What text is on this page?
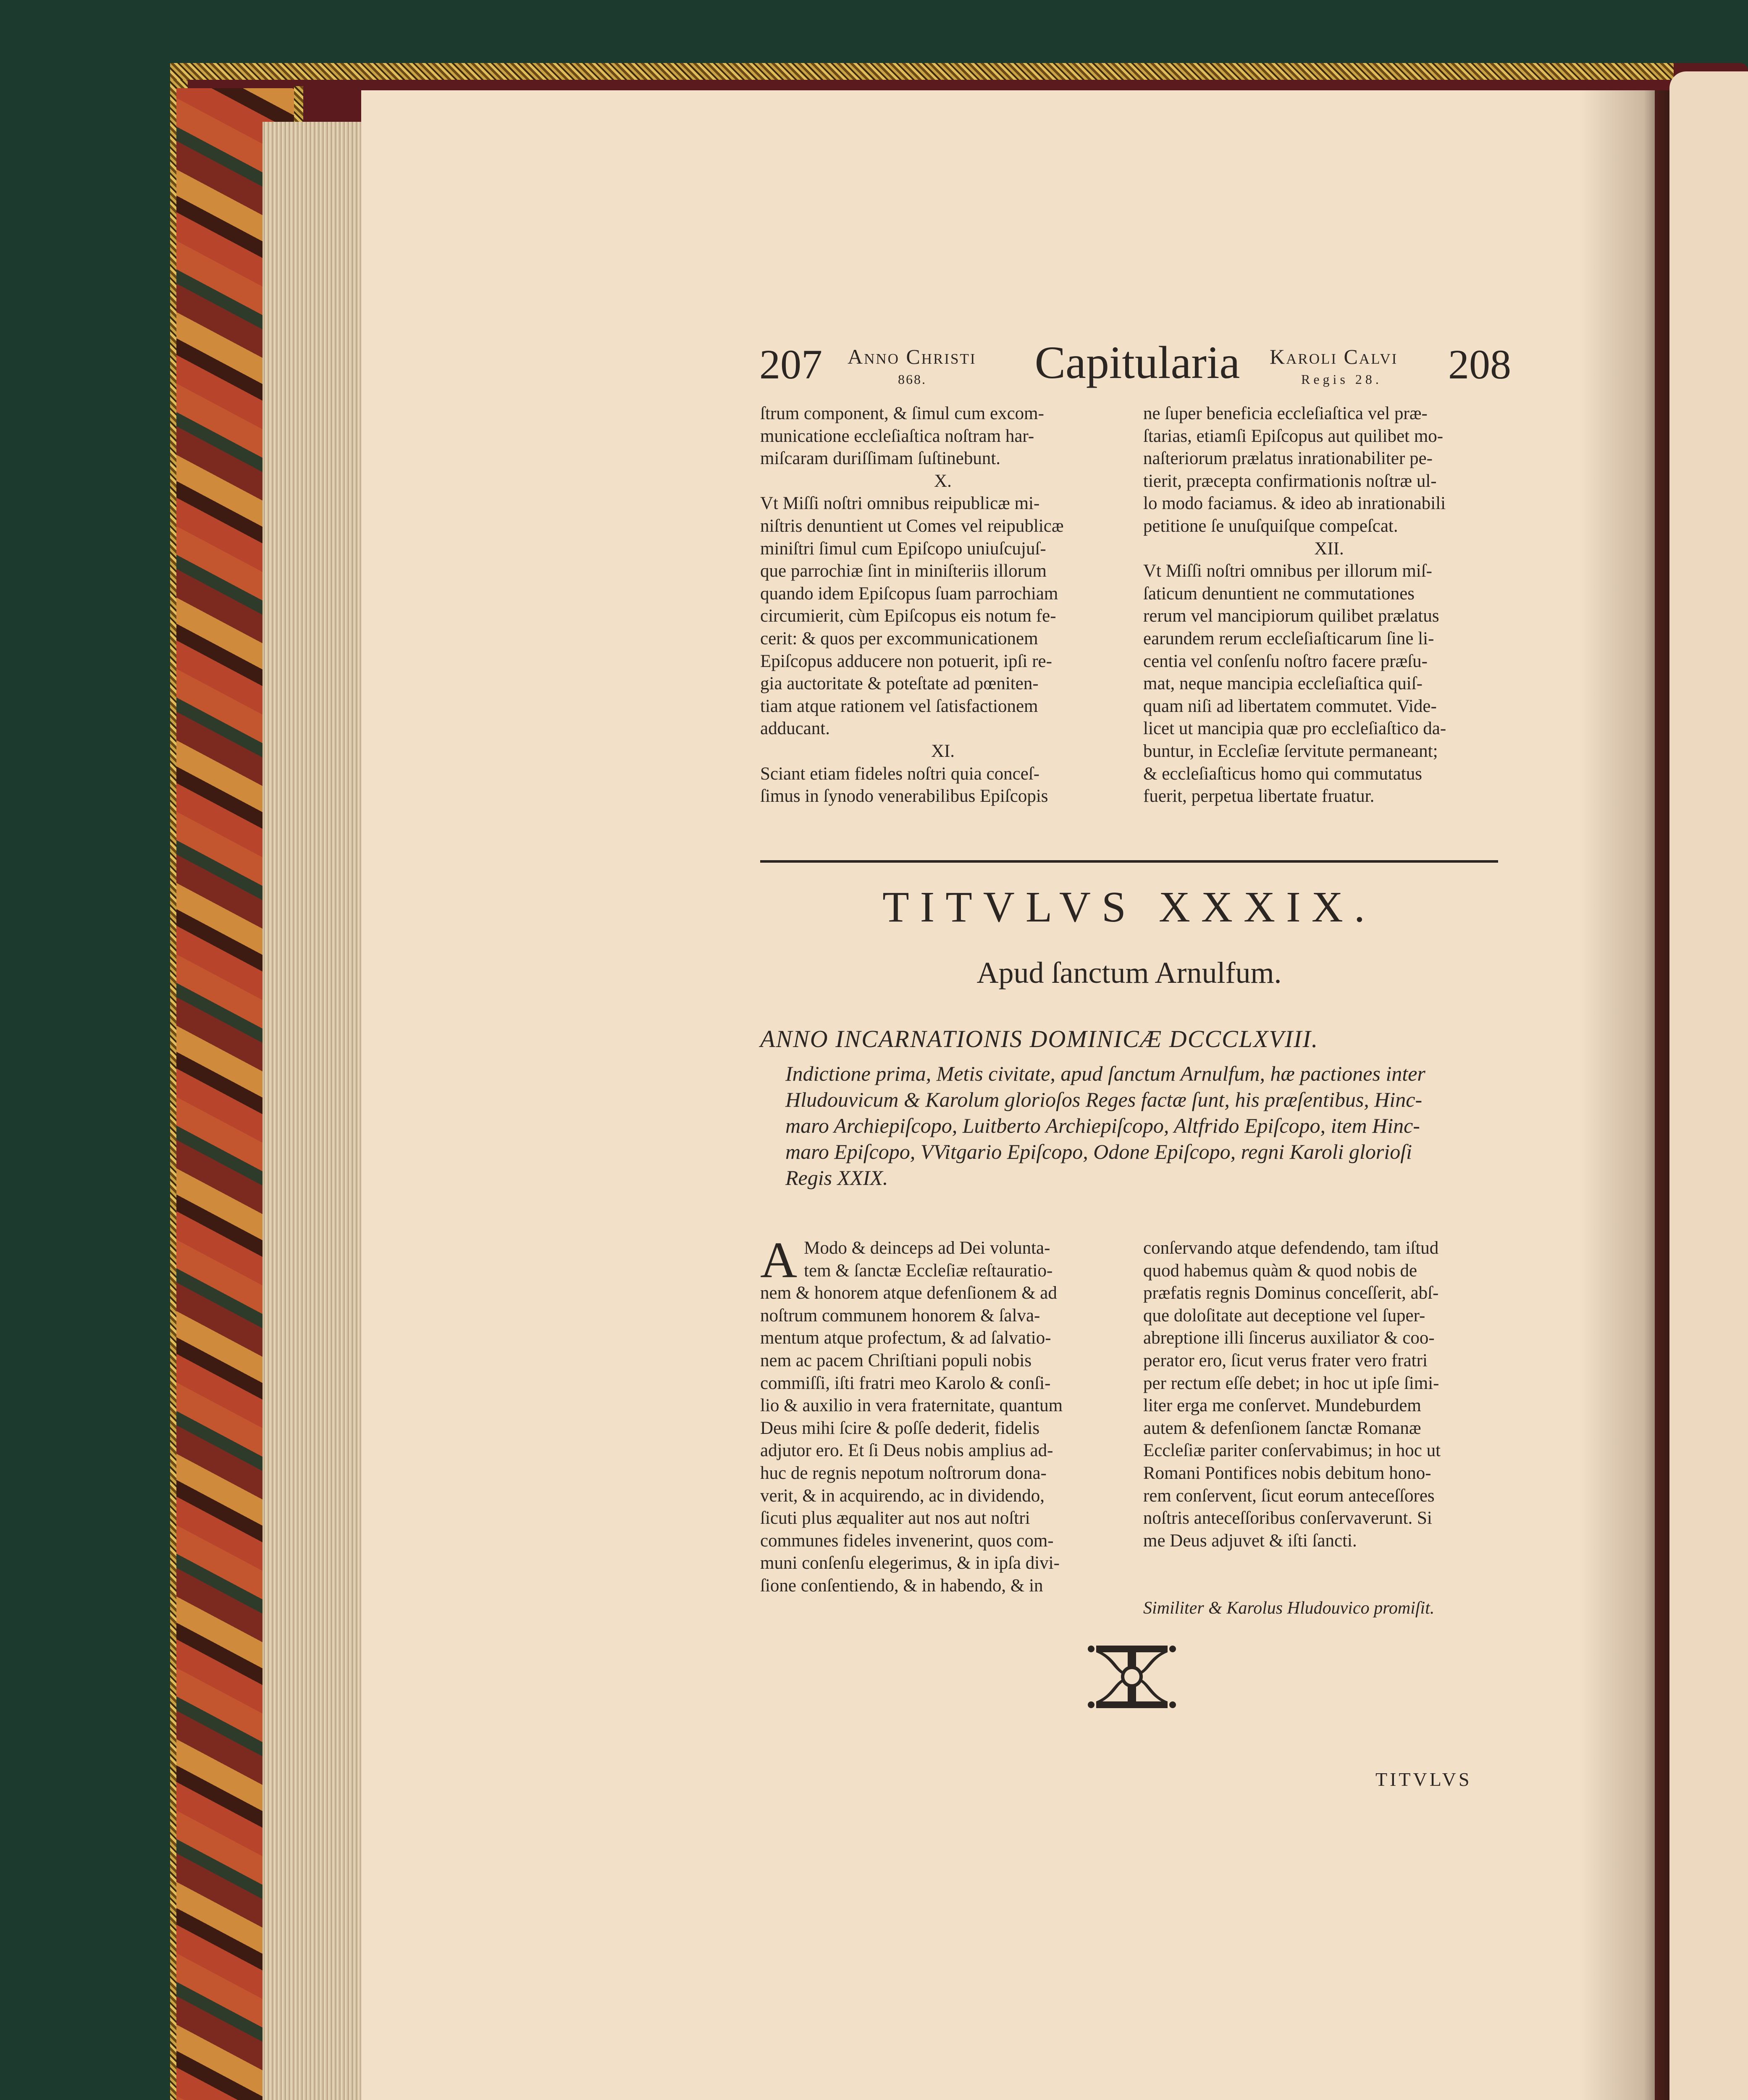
207 Anno Christi
868. Capitularia Karoli Calvi
Regis 28. 208

ſtrum component, & ſimul cum excom-

municatione eccleſiaſtica noſtram har-

miſcaram duriſſimam ſuſtinebunt.

X.

Vt Miſſi noſtri omnibus reipublicæ mi-

niſtris denuntient ut Comes vel reipublicæ

miniſtri ſimul cum Epiſcopo uniuſcujuſ-

que parrochiæ ſint in miniſteriis illorum

quando idem Epiſcopus ſuam parrochiam

circumierit, cùm Epiſcopus eis notum fe-

cerit: & quos per excommunicationem

Epiſcopus adducere non potuerit, ipſi re-

gia auctoritate & poteſtate ad pœniten-

tiam atque rationem vel ſatisfactionem

adducant.

XI.

Sciant etiam fideles noſtri quia conceſ-

ſimus in ſynodo venerabilibus Epiſcopis

ne ſuper beneficia eccleſiaſtica vel præ-

ſtarias, etiamſi Epiſcopus aut quilibet mo-

naſteriorum prælatus inrationabiliter pe-

tierit, præcepta confirmationis noſtræ ul-

lo modo faciamus. & ideo ab inrationabili

petitione ſe unuſquiſque compeſcat.

XII.

Vt Miſſi noſtri omnibus per illorum miſ-

ſaticum denuntient ne commutationes

rerum vel mancipiorum quilibet prælatus

earundem rerum eccleſiaſticarum ſine li-

centia vel conſenſu noſtro facere præſu-

mat, neque mancipia eccleſiaſtica quiſ-

quam niſi ad libertatem commutet. Vide-

licet ut mancipia quæ pro eccleſiaſtico da-

buntur, in Eccleſiæ ſervitute permaneant;

& eccleſiaſticus homo qui commutatus

fuerit, perpetua libertate fruatur.

TITVLVS XXXIX.
Apud ſanctum Arnulfum.
ANNO INCARNATIONIS DOMINICÆ DCCCLXVIII.
Indictione prima, Metis civitate, apud ſanctum Arnulfum, hæ pactiones inter
Hludouvicum & Karolum glorioſos Reges factæ ſunt, his præſentibus, Hinc-
maro Archiepiſcopo, Luitberto Archiepiſcopo, Altfrido Epiſcopo, item Hinc-
maro Epiſcopo, VVitgario Epiſcopo, Odone Epiſcopo, regni Karoli glorioſi
Regis XXIX.
A Modo & deinceps ad Dei volunta-

tem & ſanctæ Eccleſiæ reſtauratio-

nem & honorem atque defenſionem & ad

noſtrum communem honorem & ſalva-

mentum atque profectum, & ad ſalvatio-

nem ac pacem Chriſtiani populi nobis

commiſſi, iſti fratri meo Karolo & conſi-

lio & auxilio in vera fraternitate, quantum

Deus mihi ſcire & poſſe dederit, fidelis

adjutor ero. Et ſi Deus nobis amplius ad-

huc de regnis nepotum noſtrorum dona-

verit, & in acquirendo, ac in dividendo,

ſicuti plus æqualiter aut nos aut noſtri

communes fideles invenerint, quos com-

muni conſenſu elegerimus, & in ipſa divi-

ſione conſentiendo, & in habendo, & in

conſervando atque defendendo, tam iſtud

quod habemus quàm & quod nobis de

præfatis regnis Dominus conceſſerit, abſ-

que doloſitate aut deceptione vel ſuper-

abreptione illi ſincerus auxiliator & coo-

perator ero, ſicut verus frater vero fratri

per rectum eſſe debet; in hoc ut ipſe ſimi-

liter erga me conſervet. Mundeburdem

autem & defenſionem ſanctæ Romanæ

Eccleſiæ pariter conſervabimus; in hoc ut

Romani Pontifices nobis debitum hono-

rem conſervent, ſicut eorum anteceſſores

noſtris anteceſſoribus conſervaverunt. Si

me Deus adjuvet & iſti ſancti.

Similiter & Karolus Hludouvico promiſit.
TITVLVS
